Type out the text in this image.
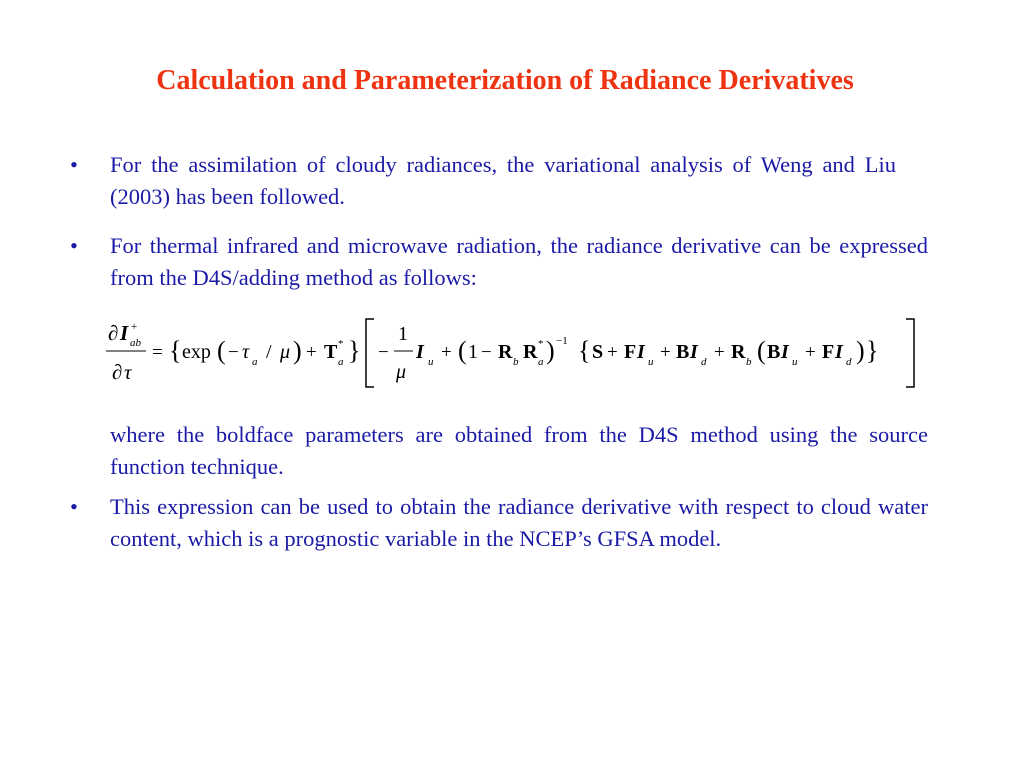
Calculation and Parameterization of Radiance Derivatives
•	For the assimilation of cloudy radiances, the variational analysis of Weng and Liu (2003) has been followed.
•	For thermal infrared and microwave radiation, the radiance derivative can be expressed from the D4S/adding method as follows:
∂ I +
ab
∂ τ
= { exp ( − τ a / μ ) + T *
a } −
1
μ
I u + ( 1 − R b R *
a ) −1 { S + F I u + B I d + R b ( B I u + F I d ) }
where the boldface parameters are obtained from the D4S method using the source function technique.
•	This expression can be used to obtain the radiance derivative with respect to cloud water content, which is a prognostic variable in the NCEP’s GFSA model.
